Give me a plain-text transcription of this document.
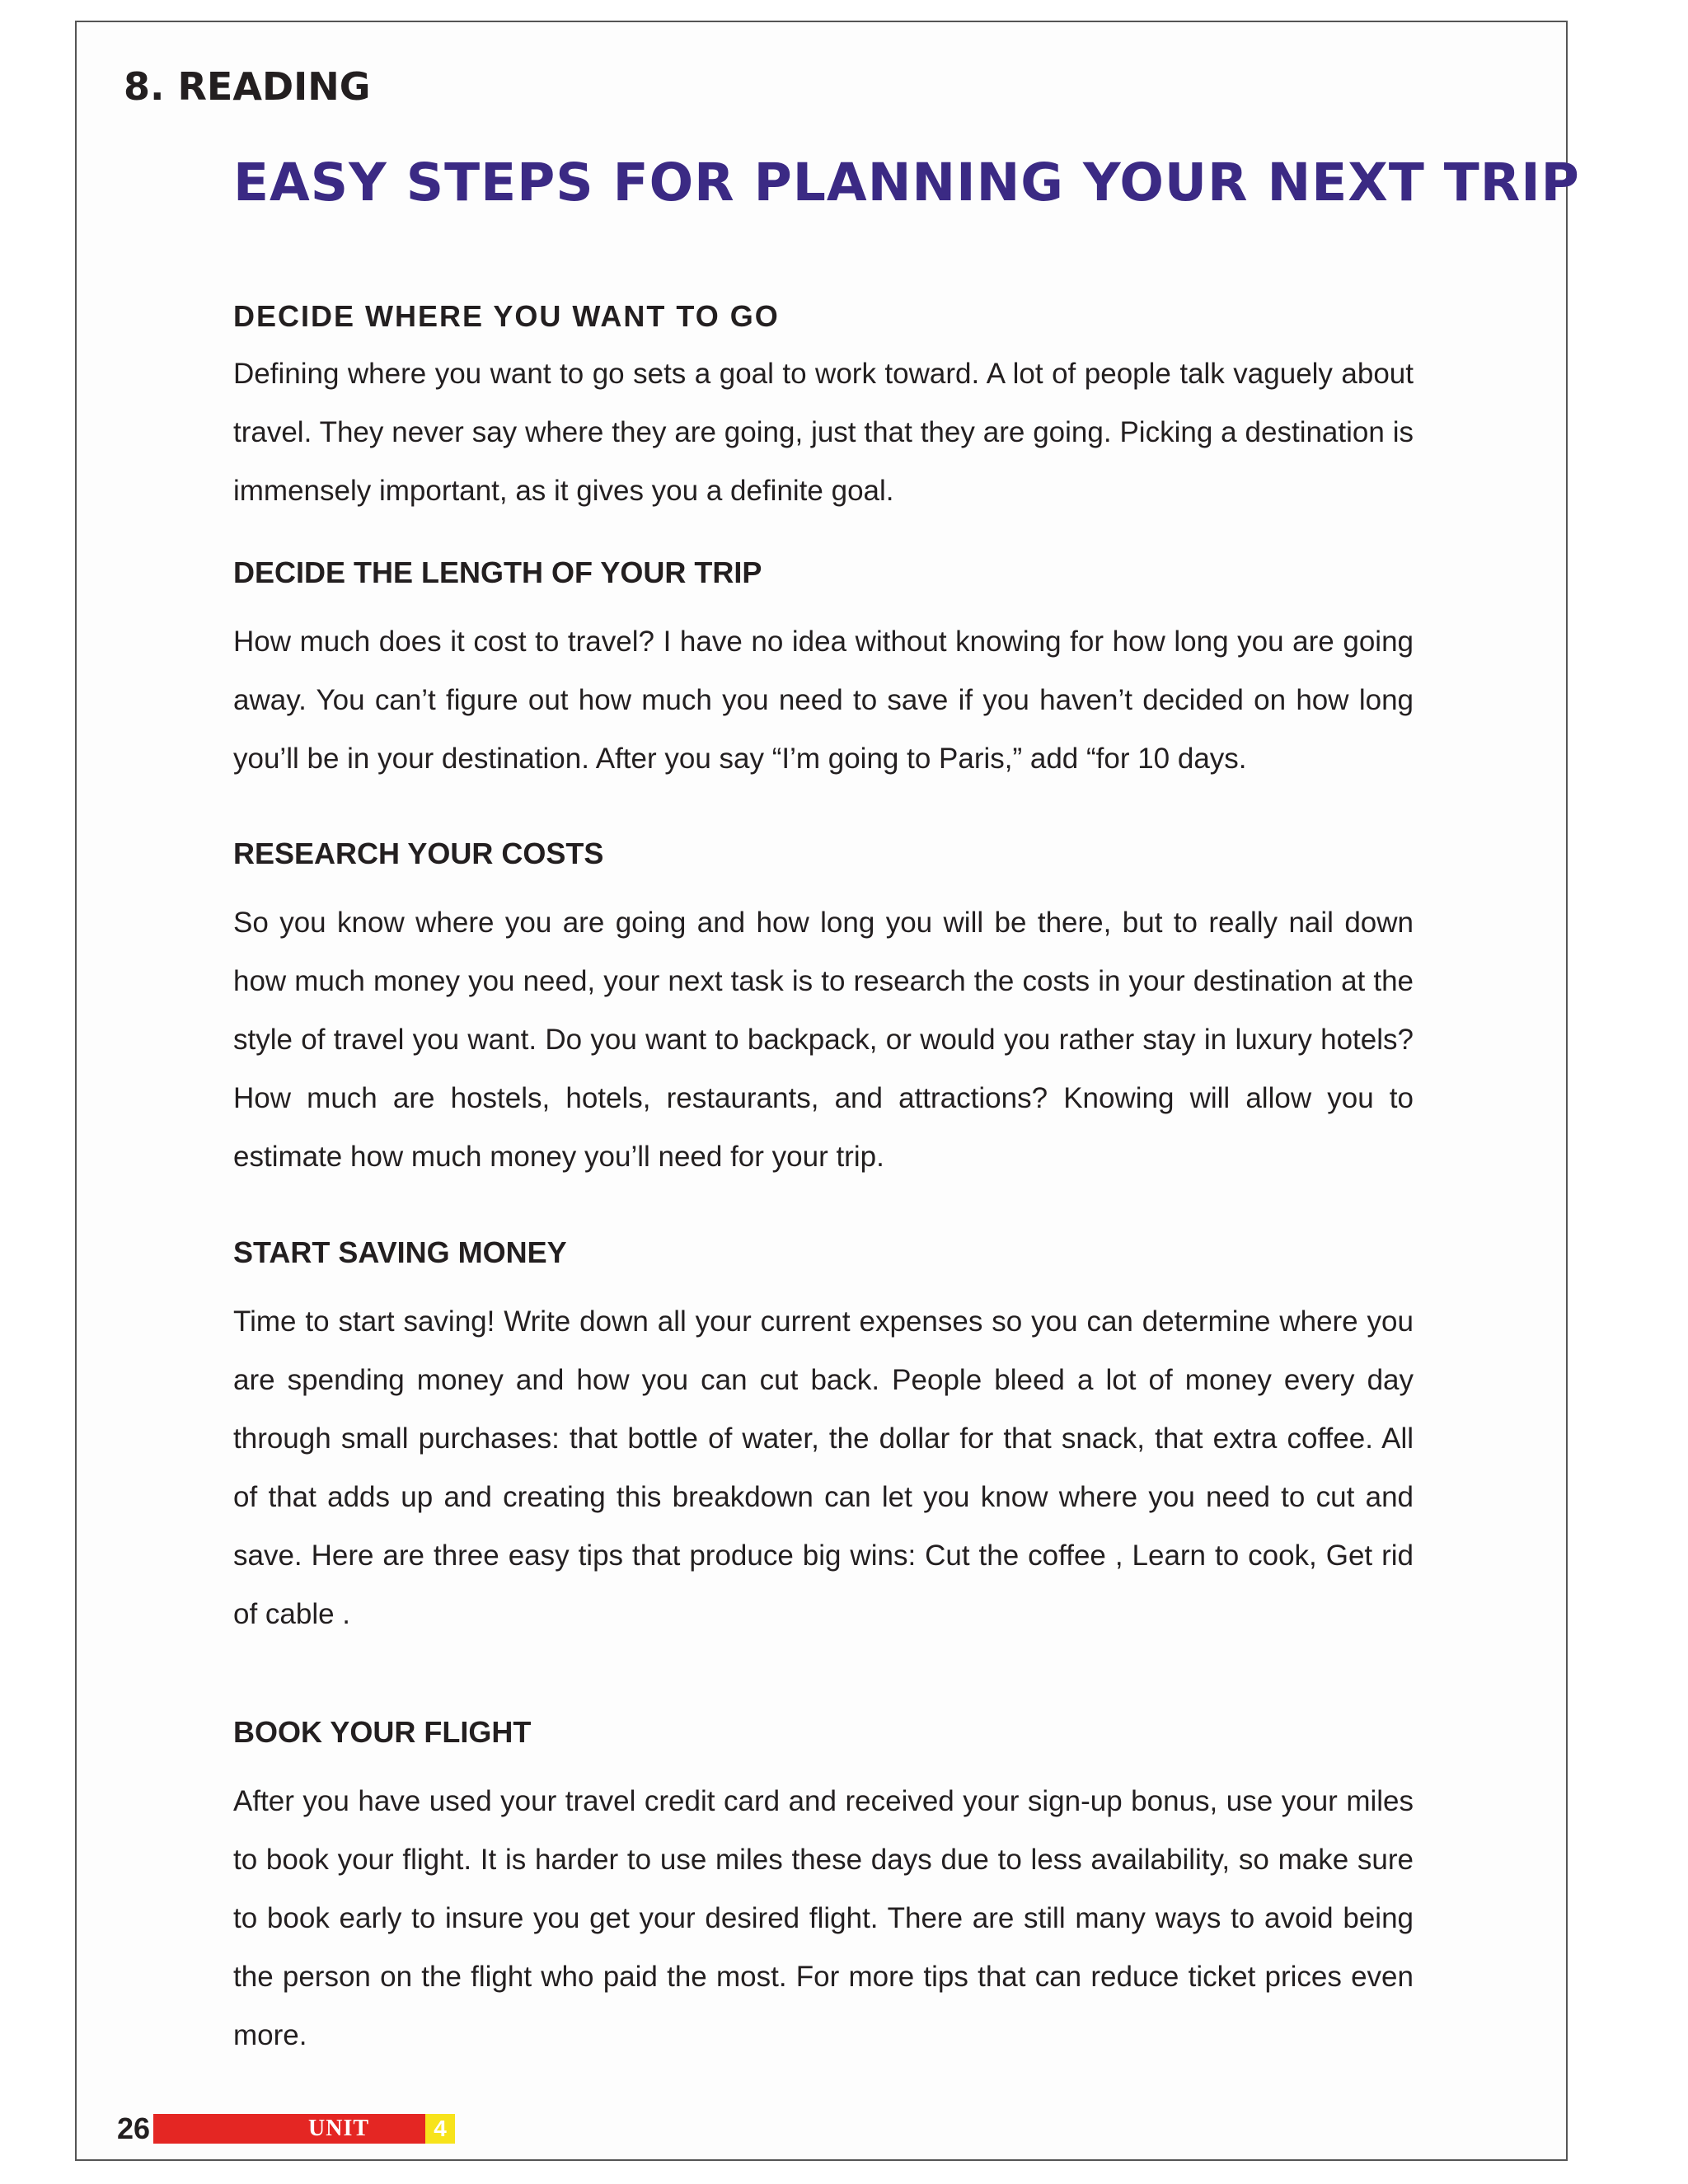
8. READING
EASY STEPS FOR PLANNING YOUR NEXT TRIP
DECIDE WHERE YOU WANT TO GO

Defining where you want to go sets a goal to work toward. A lot of people talk vaguely about travel. They never say where they are going, just that they are going. Picking a destination is immensely important, as it gives you a definite goal.

DECIDE THE LENGTH OF YOUR TRIP

How much does it cost to travel? I have no idea without knowing for how long you are going away. You can’t figure out how much you need to save if you haven’t decided on how long you’ll be in your destination. After you say “I’m going to Paris,” add “for 10 days.

RESEARCH YOUR COSTS

So you know where you are going and how long you will be there, but to really nail down how much money you need, your next task is to research the costs in your destination at the style of travel you want. Do you want to backpack, or would you rather stay in luxury hotels? How much are hostels, hotels, restaurants, and attractions? Knowing will allow you to estimate how much money you’ll need for your trip.

START SAVING MONEY

Time to start saving! Write down all your current expenses so you can determine where you are spending money and how you can cut back. People bleed a lot of money every day through small purchases: that bottle of water, the dollar for that snack, that extra coffee. All of that adds up and creating this breakdown can let you know where you need to cut and save. Here are three easy tips that produce big wins: Cut the coffee , Learn to cook, Get rid of cable .

BOOK YOUR FLIGHT

After you have used your travel credit card and received your sign-up bonus, use your miles to book your flight. It is harder to use miles these days due to less availability, so make sure to book early to insure you get your desired flight. There are still many ways to avoid being the person on the flight who paid the most. For more tips that can reduce ticket prices even more.

26	UNIT	4
